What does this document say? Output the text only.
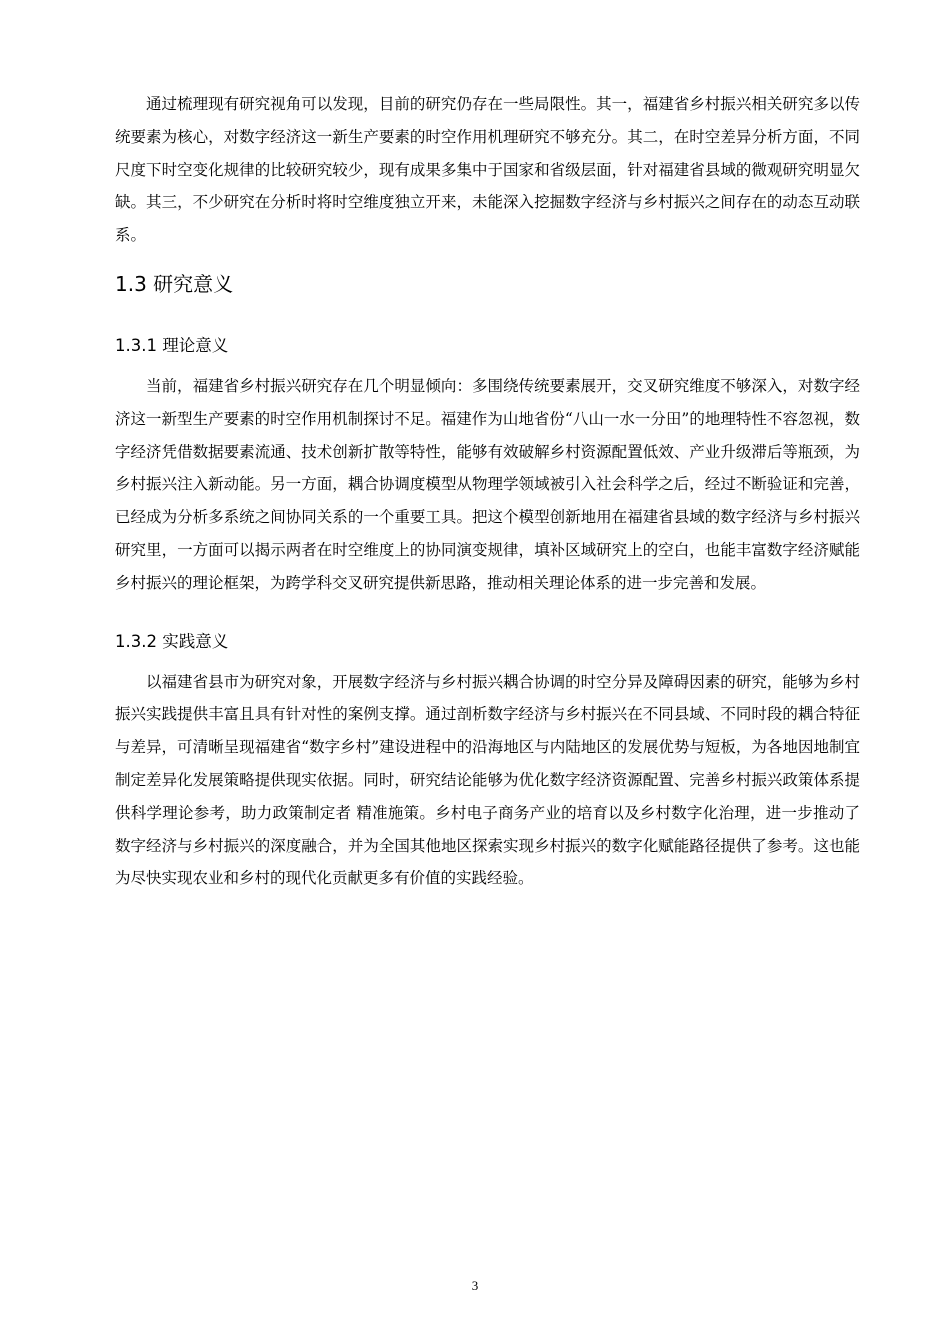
通过梳理现有研究视角可以发现，目前的研究仍存在一些局限性。其一，福建省乡村振兴相关研究多以传统要素为核心，对数字经济这一新生产要素的时空作用机理研究不够充分。其二，在时空差异分析方面，不同尺度下时空变化规律的比较研究较少，现有成果多集中于国家和省级层面，针对福建省县域的微观研究明显欠缺。其三，不少研究在分析时将时空维度独立开来，未能深入挖掘数字经济与乡村振兴之间存在的动态互动联系。

1.3 研究意义
1.3.1 理论意义

当前，福建省乡村振兴研究存在几个明显倾向：多围绕传统要素展开，交叉研究维度不够深入，对数字经济这一新型生产要素的时空作用机制探讨不足。福建作为山地省份“八山一水一分田”的地理特性不容忽视，数字经济凭借数据要素流通、技术创新扩散等特性，能够有效破解乡村资源配置低效、产业升级滞后等瓶颈，为乡村振兴注入新动能。另一方面，耦合协调度模型从物理学领域被引入社会科学之后，经过不断验证和完善，已经成为分析多系统之间协同关系的一个重要工具。把这个模型创新地用在福建省县域的数字经济与乡村振兴研究里，一方面可以揭示两者在时空维度上的协同演变规律，填补区域研究上的空白，也能丰富数字经济赋能乡村振兴的理论框架，为跨学科交叉研究提供新思路，推动相关理论体系的进一步完善和发展。

1.3.2 实践意义

以福建省县市为研究对象，开展数字经济与乡村振兴耦合协调的时空分异及障碍因素的研究，能够为乡村振兴实践提供丰富且具有针对性的案例支撑。通过剖析数字经济与乡村振兴在不同县域、不同时段的耦合特征与差异，可清晰呈现福建省“数字乡村”建设进程中的沿海地区与内陆地区的发展优势与短板，为各地因地制宜制定差异化发展策略提供现实依据。同时，研究结论能够为优化数字经济资源配置、完善乡村振兴政策体系提供科学理论参考，助力政策制定者 精准施策。乡村电子商务产业的培育以及乡村数字化治理，进一步推动了数字经济与乡村振兴的深度融合，并为全国其他地区探索实现乡村振兴的数字化赋能路径提供了参考。这也能为尽快实现农业和乡村的现代化贡献更多有价值的实践经验。

3
